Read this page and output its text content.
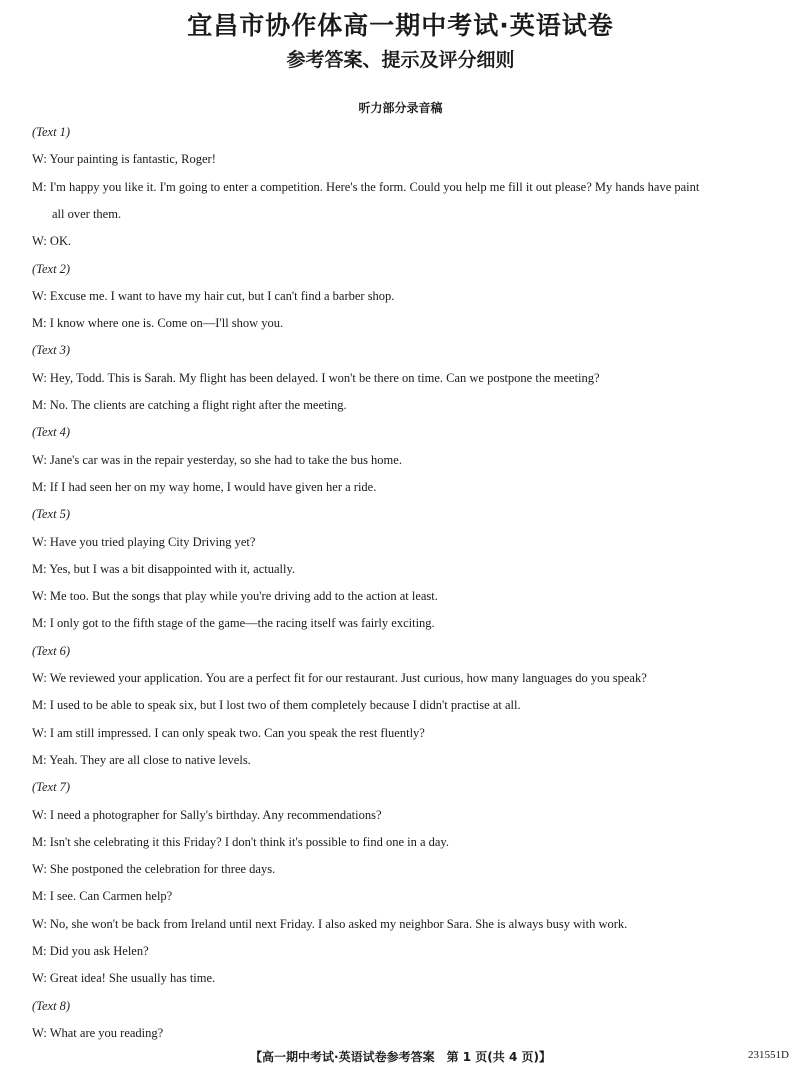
宜昌市协作体高一期中考试·英语试卷
参考答案、提示及评分细则
听力部分录音稿
(Text 1)
W: Your painting is fantastic, Roger!
M: I'm happy you like it. I'm going to enter a competition. Here's the form. Could you help me fill it out please? My hands have paint
all over them.
W: OK.
(Text 2)
W: Excuse me. I want to have my hair cut, but I can't find a barber shop.
M: I know where one is. Come on—I'll show you.
(Text 3)
W: Hey, Todd. This is Sarah. My flight has been delayed. I won't be there on time. Can we postpone the meeting?
M: No. The clients are catching a flight right after the meeting.
(Text 4)
W: Jane's car was in the repair yesterday, so she had to take the bus home.
M: If I had seen her on my way home, I would have given her a ride.
(Text 5)
W: Have you tried playing City Driving yet?
M: Yes, but I was a bit disappointed with it, actually.
W: Me too. But the songs that play while you're driving add to the action at least.
M: I only got to the fifth stage of the game—the racing itself was fairly exciting.
(Text 6)
W: We reviewed your application. You are a perfect fit for our restaurant. Just curious, how many languages do you speak?
M: I used to be able to speak six, but I lost two of them completely because I didn't practise at all.
W: I am still impressed. I can only speak two. Can you speak the rest fluently?
M: Yeah. They are all close to native levels.
(Text 7)
W: I need a photographer for Sally's birthday. Any recommendations?
M: Isn't she celebrating it this Friday? I don't think it's possible to find one in a day.
W: She postponed the celebration for three days.
M: I see. Can Carmen help?
W: No, she won't be back from Ireland until next Friday. I also asked my neighbor Sara. She is always busy with work.
M: Did you ask Helen?
W: Great idea! She usually has time.
(Text 8)
W: What are you reading?
【高一期中考试·英语试卷参考答案　第 1 页(共 4 页)】	231551D
